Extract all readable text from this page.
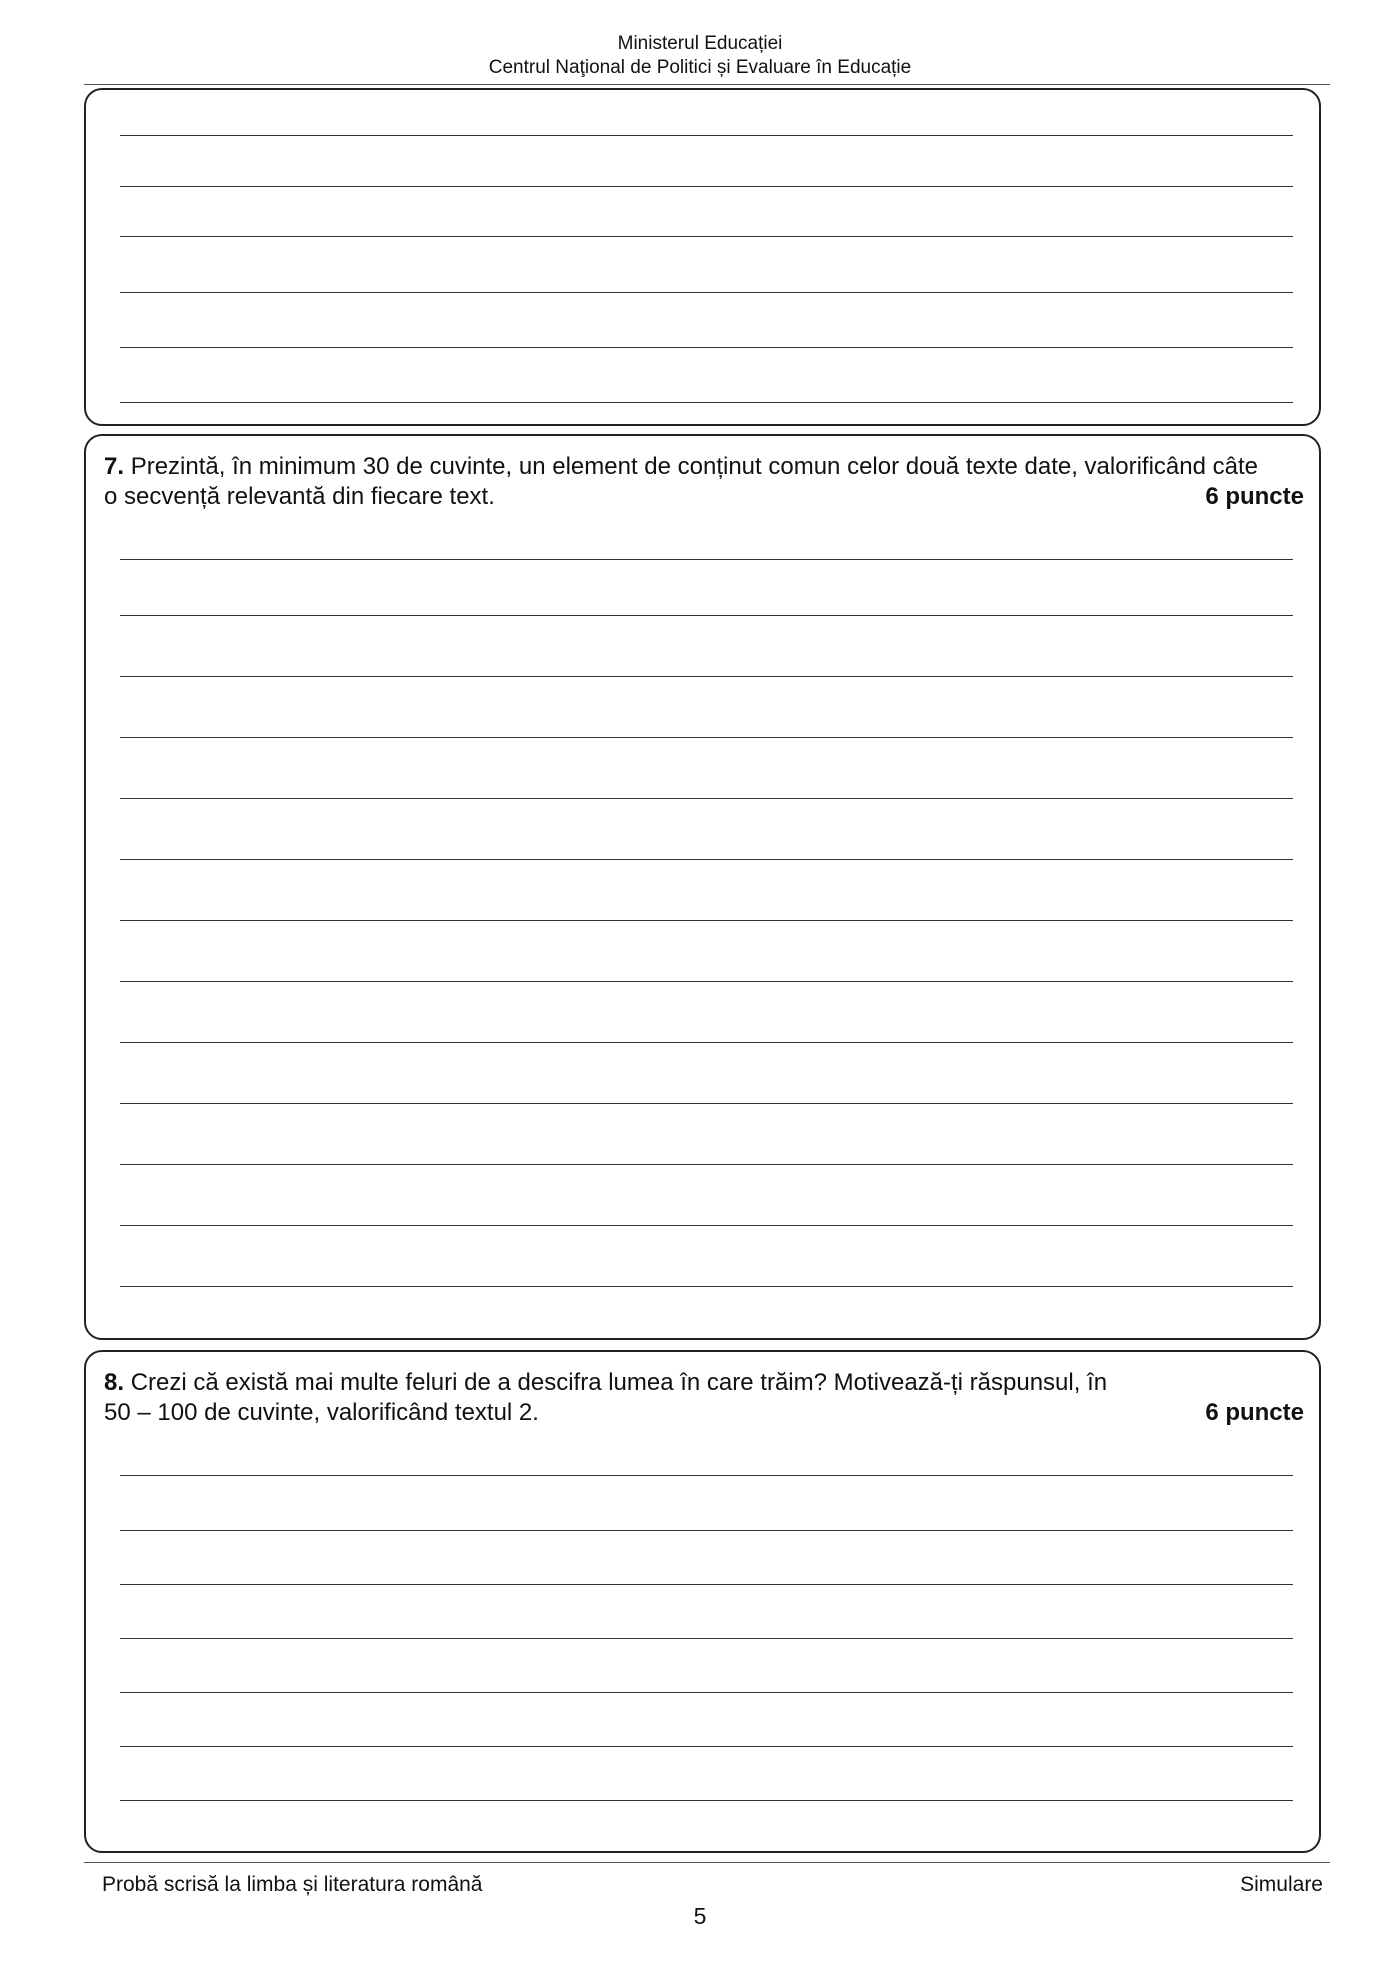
Ministerul Educației
Centrul Naţional de Politici și Evaluare în Educație
7. Prezintă, în minimum 30 de cuvinte, un element de conținut comun celor două texte date, valorificând câte
o secvență relevantă din fiecare text.	6 puncte
8. Crezi că există mai multe feluri de a descifra lumea în care trăim? Motivează-ți răspunsul, în
50 – 100 de cuvinte, valorificând textul 2.	6 puncte
Probă scrisă la limba și literatura română	Simulare
5
